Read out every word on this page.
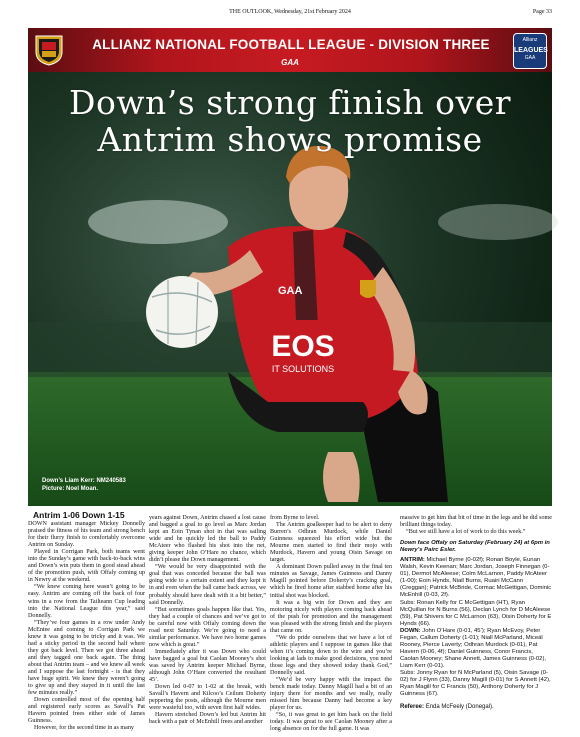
THE OUTLOOK, Wednesday, 21st February 2024	Page 33
ALLIANZ NATIONAL FOOTBALL LEAGUE - DIVISION THREE
GAA
Allianz
LEAGUES
GAA
EOS
IT SOLUTIONS
GAA
Down’s strong finish over
Antrim shows promise
Down’s Liam Kerr: NM240583
Picture: Noel Moan.
Antrim 1-06 Down 1-15

DOWN assistant manager Mickey Donnelly praised the fitness of his team and strong bench for their flurry finish to comfortably overcome Antrim on Sunday.

Played in Corrigan Park, both teams went into the Sunday’s game with back-to-back wins and Down’s win puts them in good stead ahead of the promotion push, with Offaly coming up in Newry at the weekend.

“We knew coming here wasn’t going to be easy. Antrim are coming off the back of four wins in a row from the Tailteann Cup leading into the National League this year,” said Donnelly.

“They’ve four games in a row under Andy McEntee and coming to Corrigan Park we knew it was going to be tricky and it was. We had a sticky period in the second half where they got back level. Then we got three ahead and they tagged one back again. The thing about that Antrim team – and we knew all week and I suppose the last fortnight - is that they have huge spirit. We knew they weren’t going to give up and they stayed in it until the last few minutes really.”

Down controlled most of the opening half and registered early scores as Savall’s Pat Havern pointed frees either side of James Guinness.

However, for the second time in as many

years against Down, Antrim chased a lost cause and bagged a goal to go level as Marc Jordan kept an Eoin Tynan shot in that was sailing wide and he quickly led the ball to Paddy McAteer who flashed his shot into the net, giving keeper John O’Hare no chance, which didn’t please the Down management.

“We would be very disappointed with the goal that was conceded because the ball was going wide to a certain extent and they kept it in and even when the ball came back across, we probably should have dealt with it a bit better,” said Donnelly.

“But sometimes goals happen like that. Yes, they had a couple of chances and we’ve got to be careful now with Offaly coming down the road next Saturday. We’re going to need a similar performance. We have two home games now which is great.”

Immediately after it was Down who could have bagged a goal but Caolan Mooney’s shot was saved by Antrim keeper Michael Byrne, although John O’Hare converted the resultant 45’.

Down led 0-07 to 1-02 at the break, with Savall’s Havern and Kilcoo’s Ceilum Doherty peppering the posts, although the Mourne men were wasteful too, with seven first half wides.

Havern stretched Down’s led but Antrim hit back with a pair of McEnhill frees and another

from Byrne to level.

The Antrim goalkeeper had to be alert to deny Burren’s Odhran Murdock, while Daniel Guinness squeezed his effort wide but the Mourne men started to find their mojo with Murdock, Havern and young Oisin Savage on target.

A dominant Down pulled away in the final ten minutes as Savage, James Guinness and Danny Magill pointed before Doherty’s cracking goal, which he fired home after stabbed home after his initial shot was blocked.

It was a big win for Down and they are motoring nicely with players coming back ahead of the push for promotion and the management was pleased with the strong finish and the players that came on.

“We do pride ourselves that we have a lot of athletic players and I suppose in games like that when it’s coming down to the wire and you’re looking at lads to make good decisions, you need those legs and they showed today thank God,” Donnelly said.

“We’d be very happy with the impact the bench made today. Danny Magill had a bit of an injury there for months and we really, really missed him because Danny had become a key player for us.

“So, it was great to get him back on the field today. It was great to see Caolan Mooney after a long absence on for the full game. It was

massive to get him that bit of time in the legs and he did some brilliant things today.

“But we still have a lot of work to do this week.”

Down face Offaly on Saturday (February 24) at 6pm in Newry’s Pairc Esler.
ANTRIM: Michael Byrne (0-02f); Ronan Boyle, Eunan Walsh, Kevin Keenan; Marc Jordan, Joseph Finnegan (0-01), Dermot McAleese; Colm McLarnon, Paddy McAteer (1-00); Eoin Hynds, Niall Burns, Ruairi McCann (Creggan); Patrick McBride, Cormac McGettigan, Dominic McEnhill (0-03, 2f).
Subs: Ronan Kelly for C McGettigan (HT), Ryan McQuillan for N Burns (56), Declan Lynch for D McAleese (59), Pat Shivers for C McLarnon (63), Oisin Doherty for E Hynds (66).
DOWN: John O’Hare (0-01, 45’); Ryan McEvoy, Peter Fegan, Callum Doherty (1-01); Niall McParland, Miceál Rooney, Pierce Laverty; Odhran Murdock (0-01), Pat Havern (0-06, 4f); Daniel Guinness, Conor Francis, Caolan Mooney; Shane Annett, James Guinness (0-02), Liam Kerr (0-01).
Subs: Jonny Ryan for N McParland (5), Oisin Savage (0-02) for J Flynn (33), Danny Magill (0-01) for S Annett (42), Ryan Magill for C Francis (50), Anthony Doherty for J Guinness (67).
Referee: Enda McFeely (Donegal).
